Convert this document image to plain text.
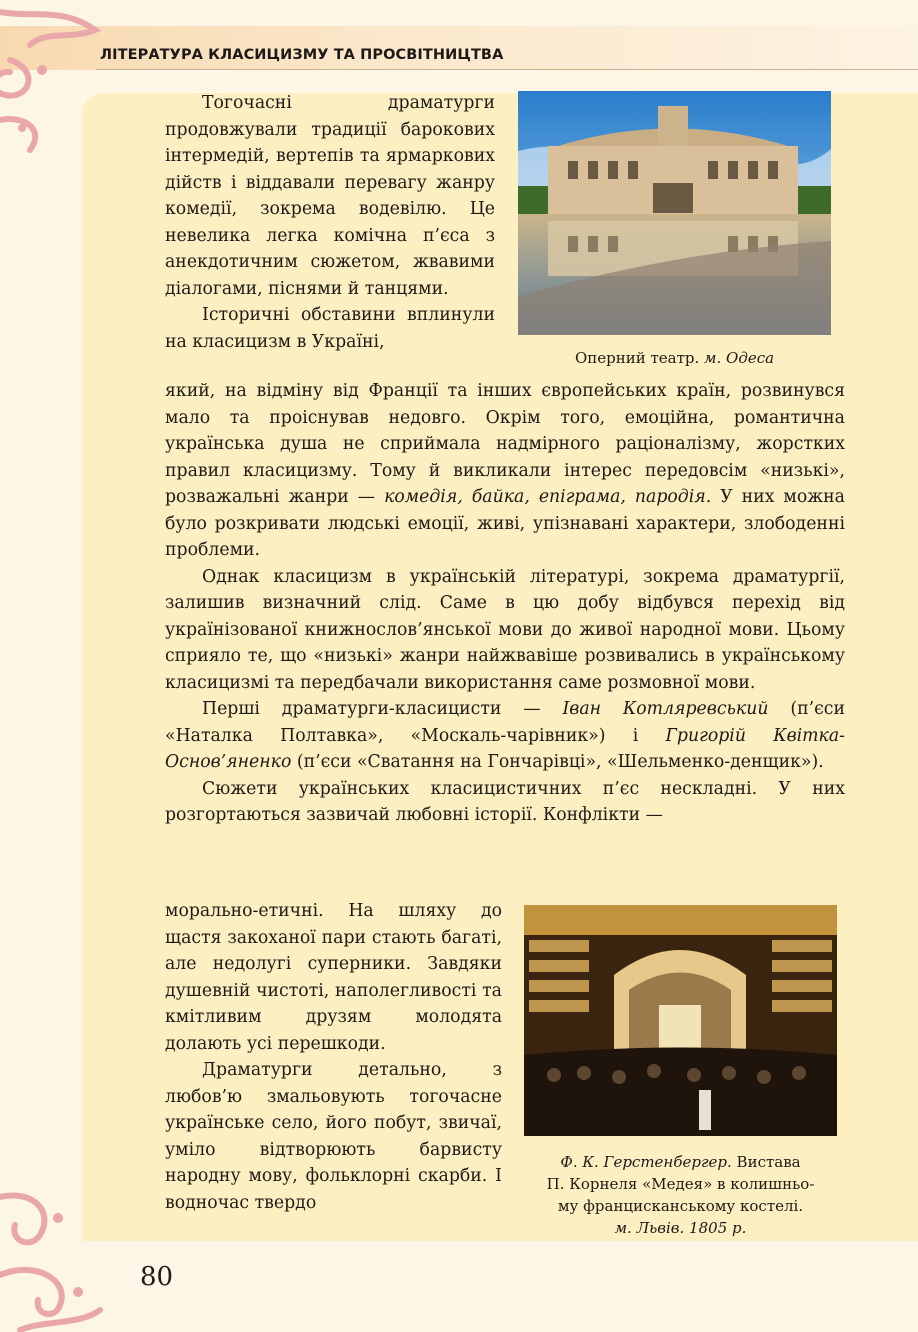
ЛІТЕРАТУРА КЛАСИЦИЗМУ ТА ПРОСВІТНИЦТВА
Оперний театр. м. Одеса
Ф. К. Герстенбергер. Вистава
П. Корнеля «Медея» в колишньо-
му францисканському костелі.
м. Львів. 1805 р.

Тогочасні драматурги продовжували традиції барокових інтермедій, вертепів та ярмаркових дійств і віддавали перевагу жанру комедії, зокрема водевілю. Це невелика легка комічна п’єса з анекдотичним сюжетом, жвавими діалогами, піснями й танцями.

Історичні обставини вплинули на класицизм в Україні,

який, на відміну від Франції та інших європейських країн, розвинувся мало та проіснував недовго. Окрім того, емоційна, романтична українська душа не сприймала надмірного раціоналізму, жорстких правил класицизму. Тому й викликали інтерес передовсім «низькі», розважальні жанри — комедія, байка, епіграма, пародія. У них можна було розкривати людські емоції, живі, упізнавані характери, злободенні проблеми.

Однак класицизм в українській літературі, зокрема драматургії, залишив визначний слід. Саме в цю добу відбувся перехід від українізованої книжнослов’янської мови до живої народної мови. Цьому сприяло те, що «низькі» жанри найжвавіше розвивались в українському класицизмі та передбачали використання саме розмовної мови.

Перші драматурги-класицисти — Іван Котляревський (п’єси «Наталка Полтавка», «Москаль-чарівник») і Григорій Квітка-Основ’яненко (п’єси «Сватання на Гончарівці», «Шельменко-денщик»).

Сюжети українських класицистичних п’єс нескладні. У них розгортаються зазвичай любовні історії. Конфлікти —

морально-етичні. На шляху до щастя закоханої пари стають багаті, але недолугі суперники. Завдяки душевній чистоті, наполегливості та кмітливим друзям молодята долають усі перешкоди.

Драматурги детально, з любов’ю змальовують тогочасне українське село, його побут, звичаї, уміло відтворюють барвисту народну мову, фольклорні скарби. І водночас твердо

80
